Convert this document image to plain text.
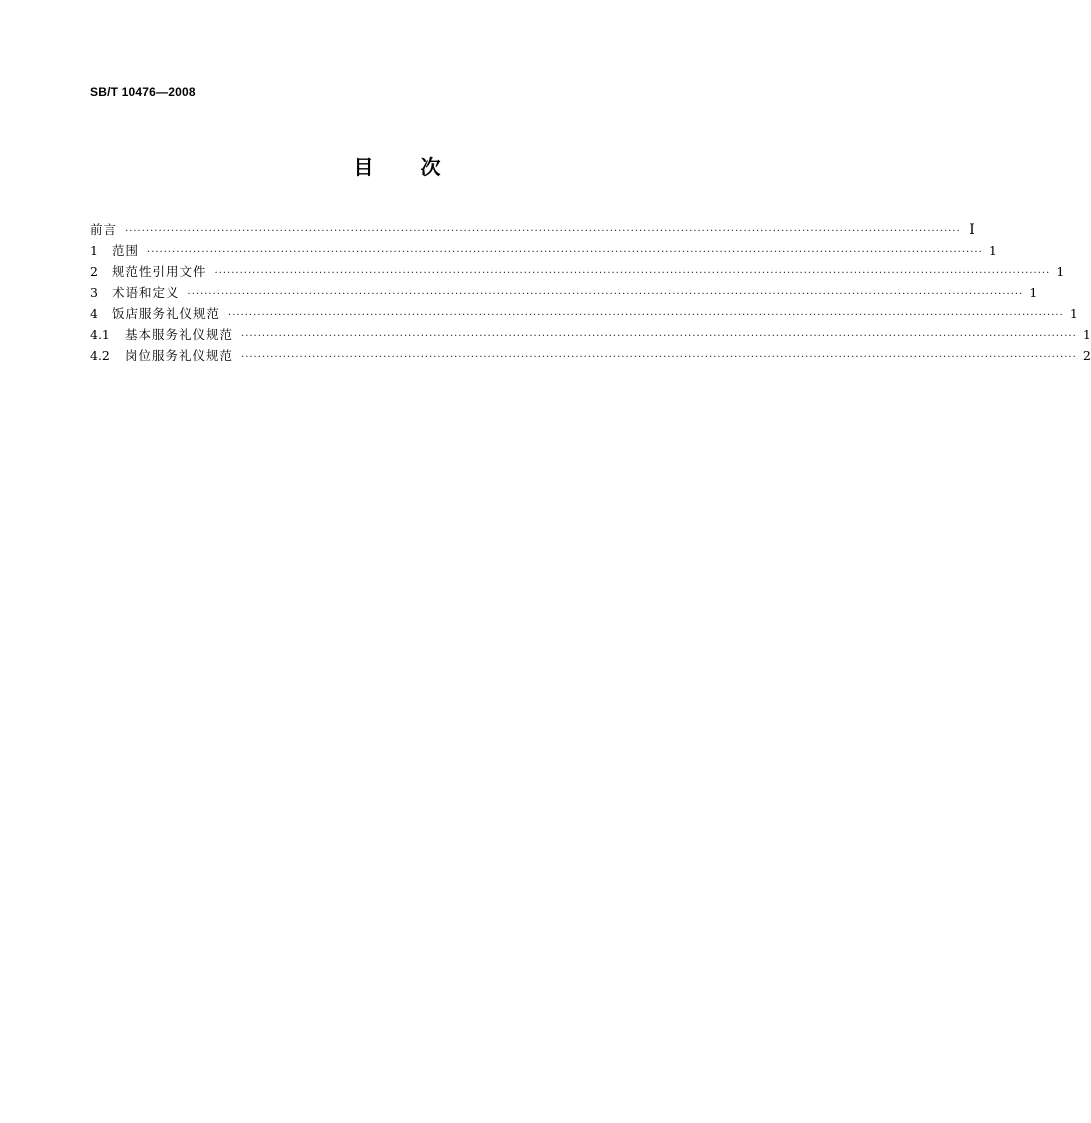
SB/T 10476—2008
目 次
前言 ········································································································································································································ I
1	范围 ········································································································································································································ 1
2	规范性引用文件 ········································································································································································································ 1
3	术语和定义 ········································································································································································································ 1
4	饭店服务礼仪规范 ········································································································································································································ 1
4.1	基本服务礼仪规范 ········································································································································································································ 1
4.2	岗位服务礼仪规范 ········································································································································································································ 2
